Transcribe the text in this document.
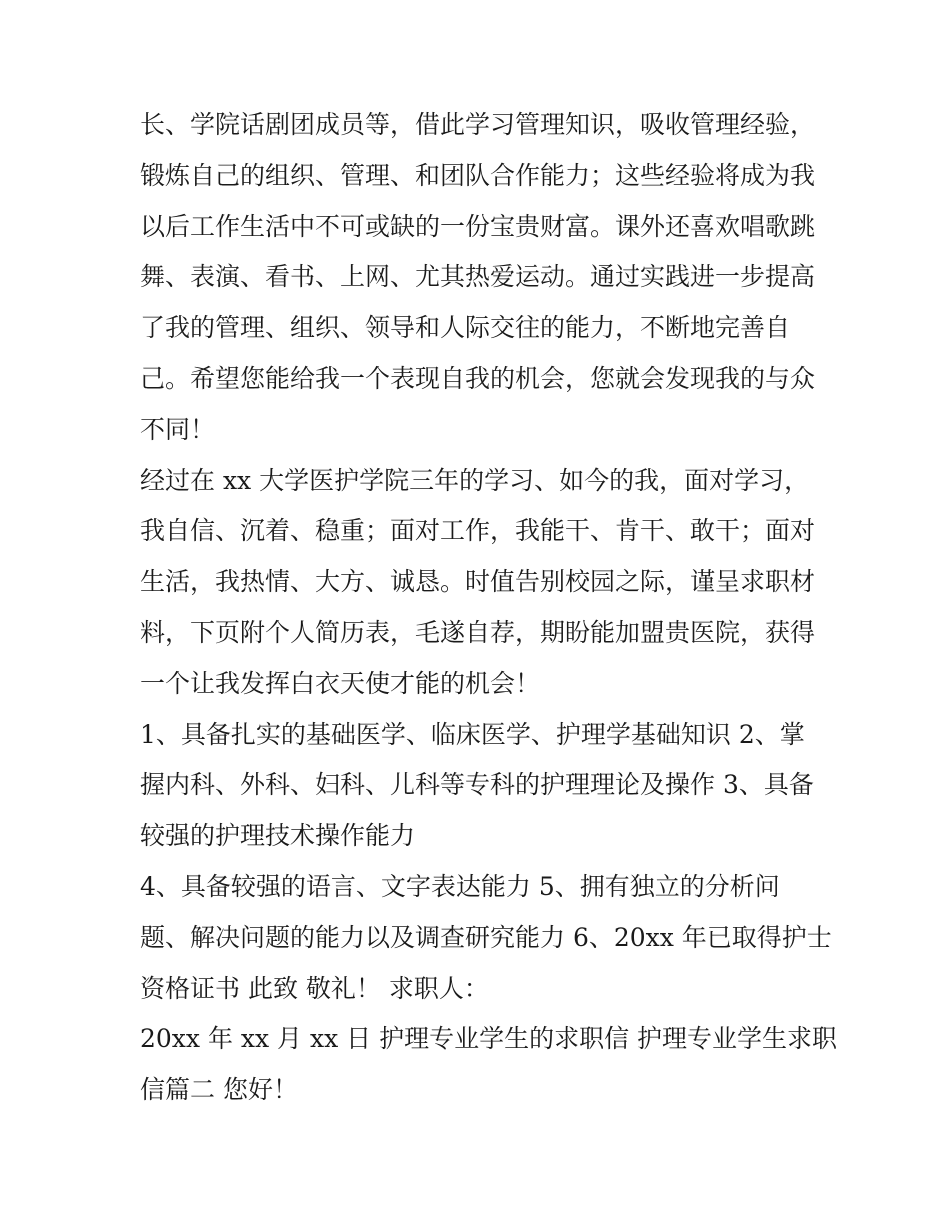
长、学院话剧团成员等，借此学习管理知识，吸收管理经验，
锻炼自己的组织、管理、和团队合作能力；这些经验将成为我
以后工作生活中不可或缺的一份宝贵财富。课外还喜欢唱歌跳
舞、表演、看书、上网、尤其热爱运动。通过实践进一步提高
了我的管理、组织、领导和人际交往的能力，不断地完善自
己。希望您能给我一个表现自我的机会，您就会发现我的与众
不同！
经过在 xx 大学医护学院三年的学习、如今的我，面对学习，
我自信、沉着、稳重；面对工作，我能干、肯干、敢干；面对
生活，我热情、大方、诚恳。时值告别校园之际，谨呈求职材
料，下页附个人简历表，毛遂自荐，期盼能加盟贵医院，获得
一个让我发挥白衣天使才能的机会！
1、具备扎实的基础医学、临床医学、护理学基础知识 2、掌
握内科、外科、妇科、儿科等专科的护理理论及操作 3、具备
较强的护理技术操作能力
4、具备较强的语言、文字表达能力 5、拥有独立的分析问
题、解决问题的能力以及调查研究能力 6、20xx 年已取得护士
资格证书 此致 敬礼！ 求职人：
20xx 年 xx 月 xx 日 护理专业学生的求职信 护理专业学生求职
信篇二 您好！
